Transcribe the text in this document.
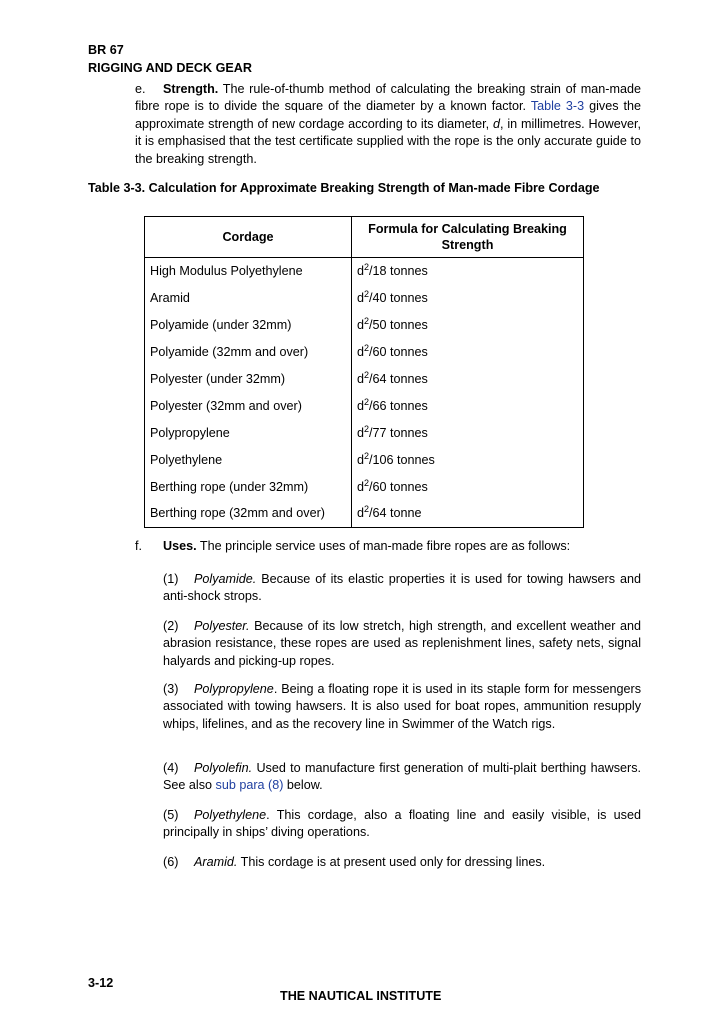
BR 67
RIGGING AND DECK GEAR
e. Strength. The rule-of-thumb method of calculating the breaking strain of man-made fibre rope is to divide the square of the diameter by a known factor. Table 3-3 gives the approximate strength of new cordage according to its diameter, d, in millimetres. However, it is emphasised that the test certificate supplied with the rope is the only accurate guide to the breaking strength.
Table 3-3. Calculation for Approximate Breaking Strength of Man-made Fibre Cordage
Cordage	Formula for Calculating Breaking Strength
High Modulus Polyethylene	$d^2/18$ tonnes
Aramid	$d^2/40$ tonnes
Polyamide (under 32mm)	$d^2/50$ tonnes
Polyamide (32mm and over)	$d^2/60$ tonnes
Polyester (under 32mm)	$d^2/64$ tonnes
Polyester (32mm and over)	$d^2/66$ tonnes
Polypropylene	$d^2/77$ tonnes
Polyethylene	$d^2/106$ tonnes
Berthing rope (under 32mm)	$d^2/60$ tonnes
Berthing rope (32mm and over)	$d^2/64$ tonne
f. Uses. The principle service uses of man-made fibre ropes are as follows:
(1) Polyamide. Because of its elastic properties it is used for towing hawsers and anti-shock strops.
(2) Polyester. Because of its low stretch, high strength, and excellent weather and abrasion resistance, these ropes are used as replenishment lines, safety nets, signal halyards and picking-up ropes.
(3) Polypropylene. Being a floating rope it is used in its staple form for messengers associated with towing hawsers. It is also used for boat ropes, ammunition resupply whips, lifelines, and as the recovery line in Swimmer of the Watch rigs.
(4) Polyolefin. Used to manufacture first generation of multi-plait berthing hawsers. See also sub para (8) below.
(5) Polyethylene. This cordage, also a floating line and easily visible, is used principally in ships’ diving operations.
(6) Aramid. This cordage is at present used only for dressing lines.
3-12
THE NAUTICAL INSTITUTE
